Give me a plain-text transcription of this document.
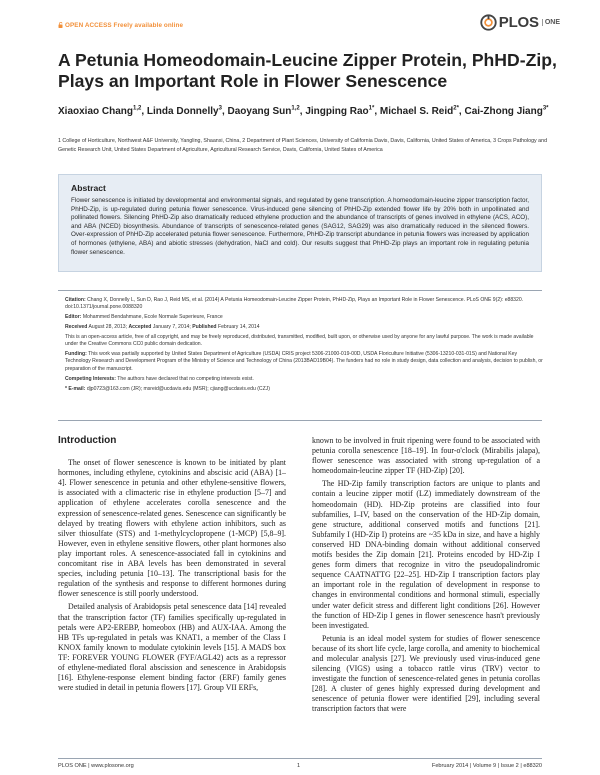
OPEN ACCESS Freely available online	PLOS ONE
A Petunia Homeodomain-Leucine Zipper Protein, PhHD-Zip, Plays an Important Role in Flower Senescence
Xiaoxiao Chang$^{1,2}$, Linda Donnelly$^3$, Daoyang Sun$^{1,2}$, Jingping Rao$^{1*}$, Michael S. Reid$^{2*}$, Cai-Zhong Jiang$^{3*}$
1 College of Horticulture, Northwest A&F University, Yangling, Shaanxi, China, 2 Department of Plant Sciences, University of California Davis, Davis, California, United States of America, 3 Crops Pathology and Genetic Research Unit, United States Department of Agriculture, Agricultural Research Service, Davis, California, United States of America
Abstract
Flower senescence is initiated by developmental and environmental signals, and regulated by gene transcription. A homeodomain-leucine zipper transcription factor, PhHD-Zip, is up-regulated during petunia flower senescence. Virus-induced gene silencing of PhHD-Zip extended flower life by 20% both in unpollinated and pollinated flowers. Silencing PhHD-Zip also dramatically reduced ethylene production and the abundance of transcripts of genes involved in ethylene (ACS, ACO), and ABA (NCED) biosynthesis. Abundance of transcripts of senescence-related genes (SAG12, SAG29) was also dramatically reduced in the silenced flowers. Over-expression of PhHD-Zip accelerated petunia flower senescence. Furthermore, PhHD-Zip transcript abundance in petunia flowers was increased by application of hormones (ethylene, ABA) and abiotic stresses (dehydration, NaCl and cold). Our results suggest that PhHD-Zip plays an important role in regulating petunia flower senescence.

Citation: Chang X, Donnelly L, Sun D, Rao J, Reid MS, et al. (2014) A Petunia Homeodomain-Leucine Zipper Protein, PhHD-Zip, Plays an Important Role in Flower Senescence. PLoS ONE 9(2): e88320. doi:10.1371/journal.pone.0088320

Editor: Mohammed Bendahmane, Ecole Normale Superieure, France

Received August 28, 2013; Accepted January 7, 2014; Published February 14, 2014

This is an open-access article, free of all copyright, and may be freely reproduced, distributed, transmitted, modified, built upon, or otherwise used by anyone for any lawful purpose. The work is made available under the Creative Commons CC0 public domain dedication.

Funding: This work was partially supported by United States Department of Agriculture (USDA) CRIS project 5306-21000-019-00D, USDA Floriculture Initiative (5306-13210-031-01S) and National Key Technology Research and Development Program of the Ministry of Science and Technology of China (2013BAD19B04). The funders had no role in study design, data collection and analysis, decision to publish, or preparation of the manuscript.

Competing Interests: The authors have declared that no competing interests exist.

* E-mail: djp0723@163.com (JR); msreid@ucdavis.edu (MSR); cjiang@ucdavis.edu (CZJ)

Introduction

The onset of flower senescence is known to be initiated by plant hormones, including ethylene, cytokinins and abscisic acid (ABA) [1–4]. Flower senescence in petunia and other ethylene-sensitive flowers, is associated with a climacteric rise in ethylene production [5–7] and application of ethylene accelerates corolla senescence and the expression of senescence-related genes. Senescence can significantly be delayed by treating flowers with ethylene action inhibitors, such as silver thiosulfate (STS) and 1-methylcyclopropene (1-MCP) [5,8–9]. However, even in ethylene sensitive flowers, other plant hormones also play important roles. A senescence-associated fall in cytokinins and concomitant rise in ABA levels has been demonstrated in several species, including petunia [10–13]. The transcriptional basis for the regulation of the synthesis and response to different hormones during flower senescence is still poorly understood.

Detailed analysis of Arabidopsis petal senescence data [14] revealed that the transcription factor (TF) families specifically up-regulated in petals were AP2-EREBP, homeobox (HB) and AUX-IAA. Among the HB TFs up-regulated in petals was KNAT1, a member of the Class I KNOX family known to modulate cytokinin levels [15]. A MADS box TF: FOREVER YOUNG FLOWER (FYF/AGL42) acts as a repressor of ethylene-mediated floral abscission and senescence in Arabidopsis [16]. Ethylene-response element binding factor (ERF) family genes were studied in detail in petunia flowers [17]. Group VII ERFs,

known to be involved in fruit ripening were found to be associated with petunia corolla senescence [18–19]. In four-o'clock (Mirabilis jalapa), flower senescence was associated with strong up-regulation of a homeodomain-leucine zipper TF (HD-Zip) [20].

The HD-Zip family transcription factors are unique to plants and contain a leucine zipper motif (LZ) immediately downstream of the homeodomain (HD). HD-Zip proteins are classified into four subfamilies, I–IV, based on the conservation of the HD-Zip domain, gene structure, additional conserved motifs and functions [21]. Subfamily I (HD-Zip I) proteins are ~35 kDa in size, and have a highly conserved HD DNA-binding domain without additional conserved motifs besides the Zip domain [21]. Proteins encoded by HD-Zip I genes form dimers that recognize in vitro the pseudopalindromic sequence CAATNATTG [22–25]. HD-Zip I transcription factors play an important role in the regulation of development in response to changes in environmental conditions and hormonal stimuli, especially under water deficit stress and different light conditions [26]. However the function of HD-Zip I genes in flower senescence hasn't previously been investigated.

Petunia is an ideal model system for studies of flower senescence because of its short life cycle, large corolla, and amenity to biochemical and molecular analysis [27]. We previously used virus-induced gene silencing (VIGS) using a tobacco rattle virus (TRV) vector to investigate the function of senescence-related genes in petunia corollas [28]. A cluster of genes highly expressed during development and senescence of petunia flower were identified [29], including several transcription factors that were

PLOS ONE | www.plosone.org	1	February 2014 | Volume 9 | Issue 2 | e88320
